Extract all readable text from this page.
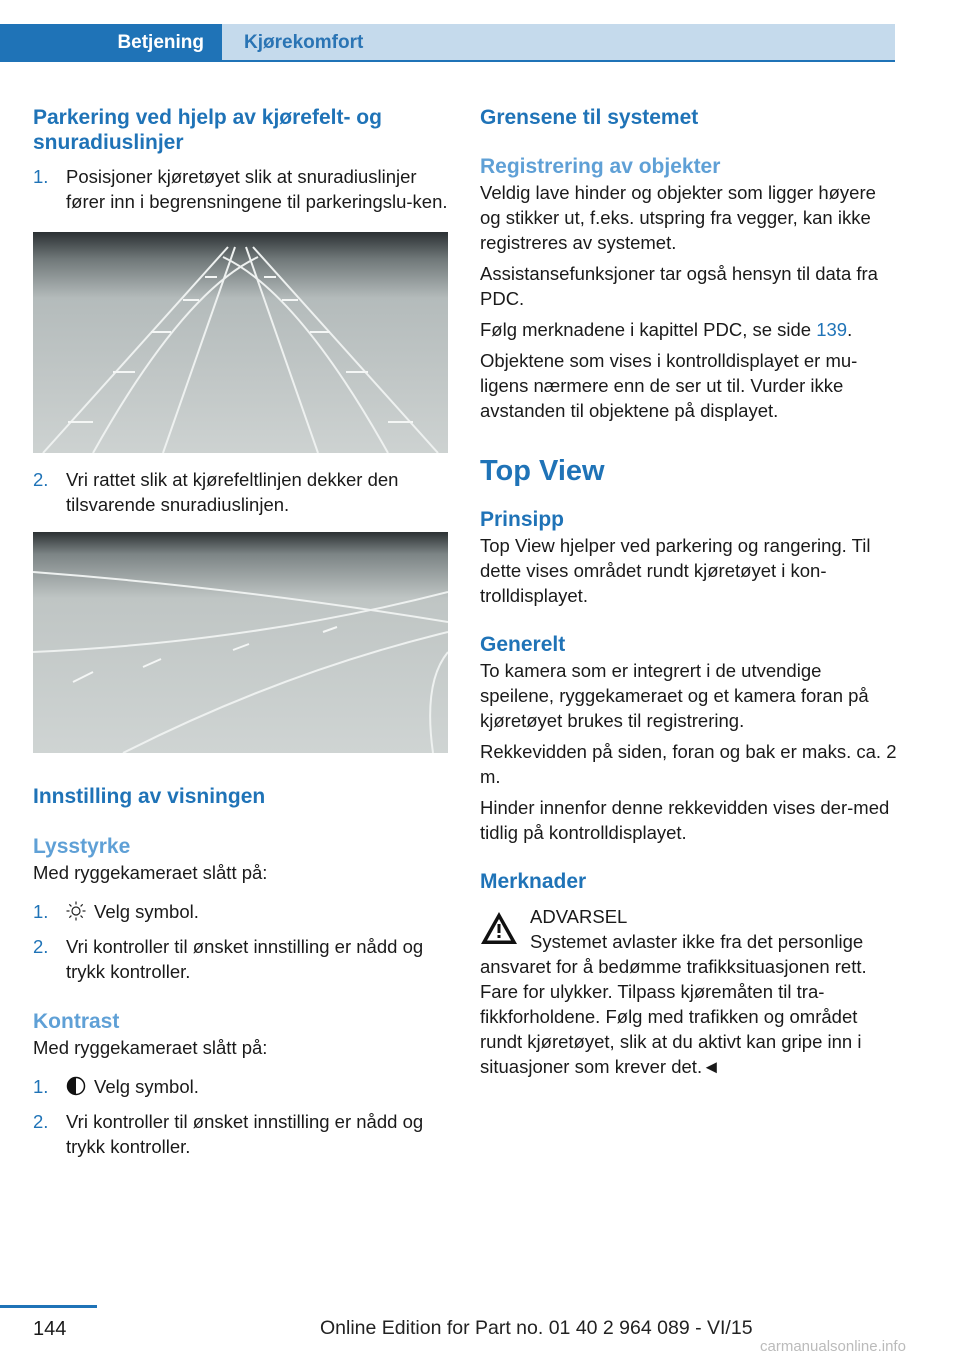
Betjening	Kjørekomfort
Parkering ved hjelp av kjørefelt- og snuradiuslinjer
1. Posisjoner kjøretøyet slik at snuradiuslinjer fører inn i begrensningene til parkeringslu‐ken.
2. Vri rattet slik at kjørefeltlinjen dekker den tilsvarende snuradiuslinjen.
Innstilling av visningen
Lysstyrke

Med ryggekameraet slått på:

1. Velg symbol.
2. Vri kontroller til ønsket innstilling er nådd og trykk kontroller.
Kontrast

Med ryggekameraet slått på:

1. Velg symbol.
2. Vri kontroller til ønsket innstilling er nådd og trykk kontroller.
Grensene til systemet
Registrering av objekter

Veldig lave hinder og objekter som ligger høyere og stikker ut, f.eks. utspring fra vegger, kan ikke registreres av systemet.

Assistansefunksjoner tar også hensyn til data fra PDC.

Følg merknadene i kapittel PDC, se side 139.

Objektene som vises i kontrolldisplayet er mu‐ligens nærmere enn de ser ut til. Vurder ikke avstanden til objektene på displayet.

Top View
Prinsipp

Top View hjelper ved parkering og rangering. Til dette vises området rundt kjøretøyet i kon‐trolldisplayet.

Generelt

To kamera som er integrert i de utvendige speilene, ryggekameraet og et kamera foran på kjøretøyet brukes til registrering.

Rekkevidden på siden, foran og bak er maks. ca. 2 m.

Hinder innenfor denne rekkevidden vises der‐med tidlig på kontrolldisplayet.

Merknader
ADVARSEL
Systemet avlaster ikke fra det personlige ansvaret for å bedømme trafikksituasjonen rett. Fare for ulykker. Tilpass kjøremåten til tra‐fikkforholdene. Følg med trafikken og området rundt kjøretøyet, slik at du aktivt kan gripe inn i situasjoner som krever det.◄
144	Online Edition for Part no. 01 40 2 964 089 - VI/15
carmanualsonline.info
